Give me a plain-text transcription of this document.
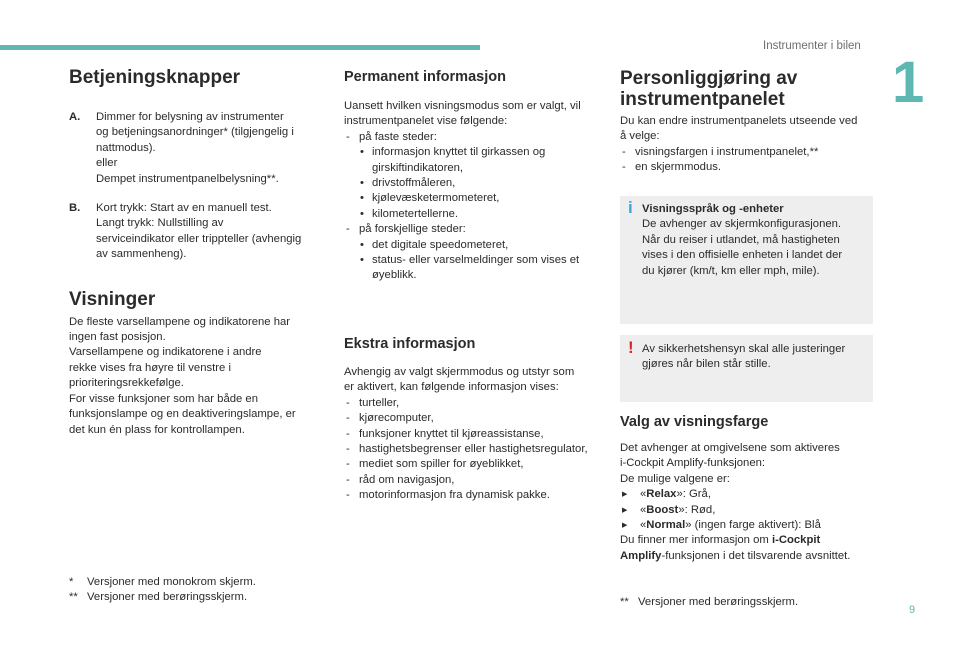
Instrumenter i bilen
1
Betjeningsknapper
A.	Dimmer for belysning av instrumenter

og betjeningsanordninger* (tilgjengelig i

nattmodus).

eller

Dempet instrumentpanelbelysning**.

B.	Kort trykk: Start av en manuell test.

Langt trykk: Nullstilling av

serviceindikator eller trippteller (avhengig

av sammenheng).

Visninger

De fleste varsellampene og indikatorene har

ingen fast posisjon.

Varsellampene og indikatorene i andre

rekke vises fra høyre til venstre i

prioriteringsrekkefølge.

For visse funksjoner som har både en

funksjonslampe og en deaktiveringslampe, er

det kun én plass for kontrollampen.

*	Versjoner med monokrom skjerm.
** Versjoner med berøringsskjerm.
Permanent informasjon

Uansett hvilken visningsmodus som er valgt, vil

instrumentpanelet vise følgende:

- på faste steder:
• informasjon knyttet til girkassen og girskiftindikatoren,
• drivstoffmåleren,
• kjølevæsketermometeret,
• kilometertellerne.
- på forskjellige steder:
• det digitale speedometeret,
• status- eller varselmeldinger som vises et øyeblikk.
Ekstra informasjon

Avhengig av valgt skjermmodus og utstyr som

er aktivert, kan følgende informasjon vises:

- turteller,
- kjørecomputer,
- funksjoner knyttet til kjøreassistanse,
- hastighetsbegrenser eller hastighetsregulator,
- mediet som spiller for øyeblikket,
- råd om navigasjon,
- motorinformasjon fra dynamisk pakke.
Personliggjøring av
instrumentpanelet

Du kan endre instrumentpanelets utseende ved

å velge:

- visningsfargen i instrumentpanelet,**
- en skjermmodus.
i Visningsspråk og -enheter

De avhenger av skjermkonfigurasjonen.

Når du reiser i utlandet, må hastigheten

vises i den offisielle enheten i landet der

du kjører (km/t, km eller mph, mile).

! Av sikkerhetshensyn skal alle justeringer

gjøres når bilen står stille.

Valg av visningsfarge

Det avhenger at omgivelsene som aktiveres

i-Cockpit Amplify-funksjonen:

De mulige valgene er:

▶ «Relax»: Grå,
▶ «Boost»: Rød,
▶ «Normal» (ingen farge aktivert): Blå

Du finner mer informasjon om i-Cockpit

Amplify-funksjonen i det tilsvarende avsnittet.

** Versjoner med berøringsskjerm.
9
